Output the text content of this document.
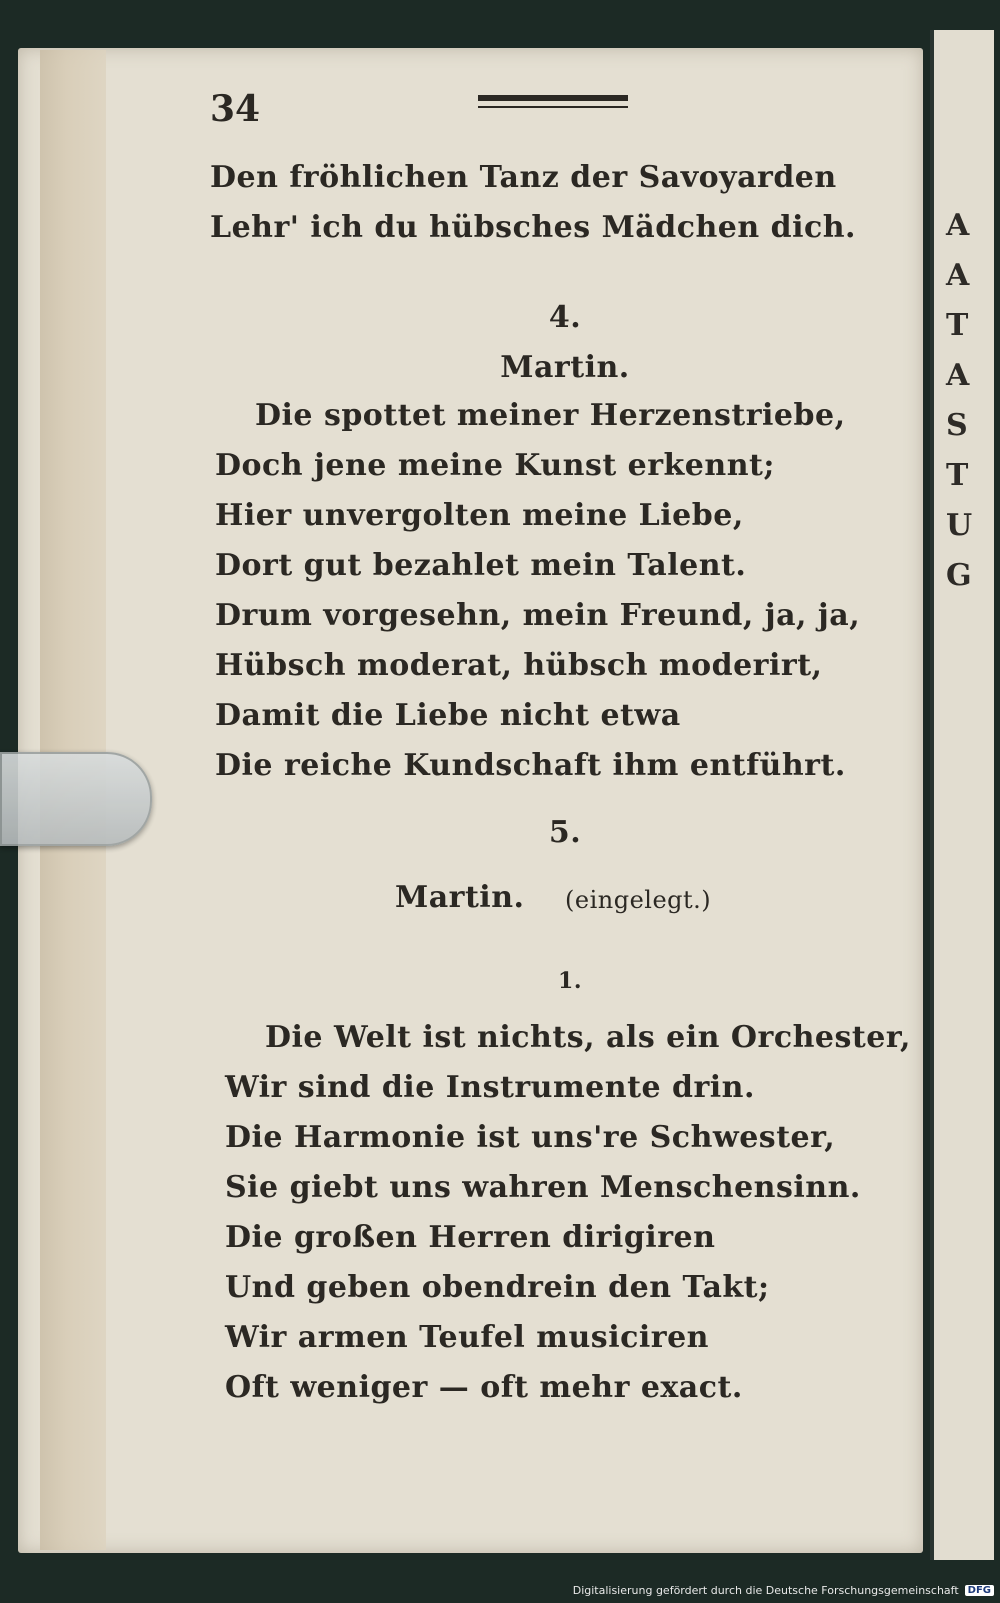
A
A
T
A
S
T
U
G
34
Den fröhlichen Tanz der Savoyarden
Lehr' ich du hübsches Mädchen dich.
4.
Martin.
Die spottet meiner Herzenstriebe,
Doch jene meine Kunst erkennt;
Hier unvergolten meine Liebe,
Dort gut bezahlet mein Talent.
Drum vorgesehn, mein Freund, ja, ja,
Hübsch moderat, hübsch moderirt,
Damit die Liebe nicht etwa
Die reiche Kundschaft ihm entführt.
5.
Martin. (eingelegt.)
1.
Die Welt ist nichts, als ein Orchester,
Wir sind die Instrumente drin.
Die Harmonie ist uns're Schwester,
Sie giebt uns wahren Menschensinn.
Die großen Herren dirigiren
Und geben obendrein den Takt;
Wir armen Teufel musiciren
Oft weniger — oft mehr exact.
Digitalisierung gefördert durch die Deutsche Forschungsgemeinschaft DFG
